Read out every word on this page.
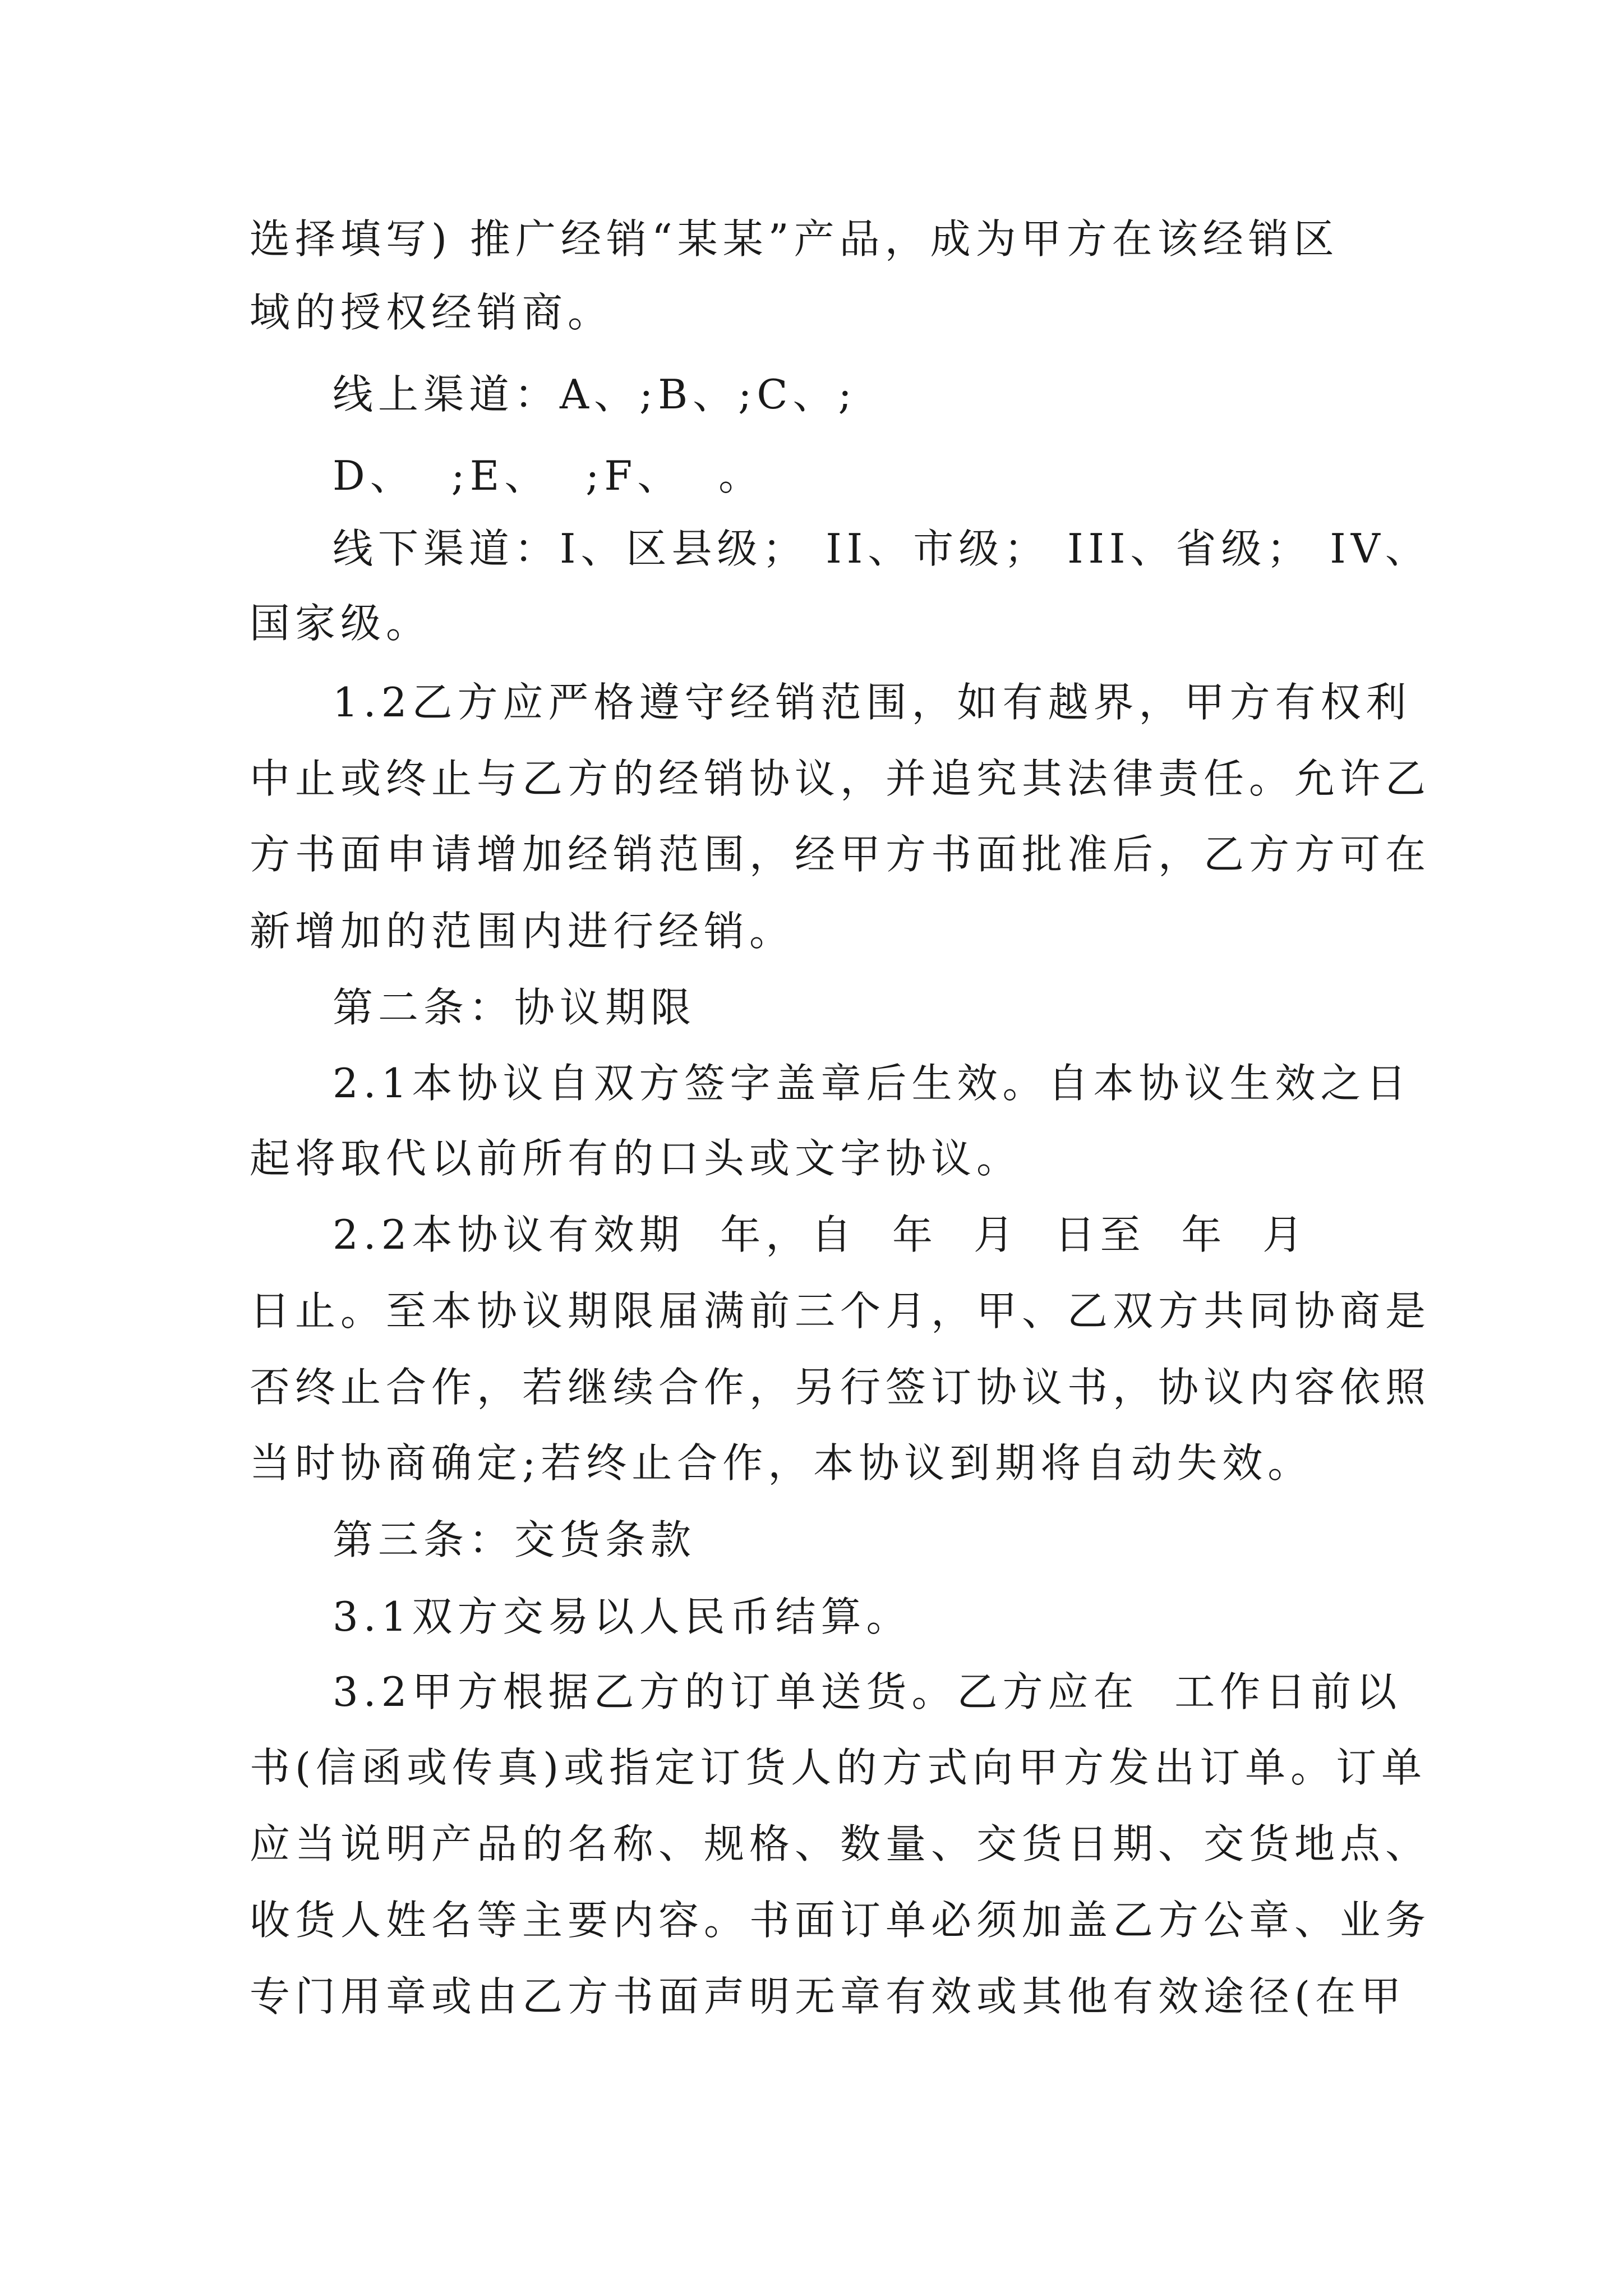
选择填写) 推广经销“某某”产品，成为甲方在该经销区
域的授权经销商。
线上渠道：A、;B、;C、;
D、  ;E、  ;F、  。
线下渠道：I、区县级； II、市级； III、省级； IV、
国家级。
1.2乙方应严格遵守经销范围，如有越界，甲方有权利
中止或终止与乙方的经销协议，并追究其法律责任。允许乙
方书面申请增加经销范围，经甲方书面批准后，乙方方可在
新增加的范围内进行经销。
第二条：协议期限
2.1本协议自双方签字盖章后生效。自本协议生效之日
起将取代以前所有的口头或文字协议。
2.2本协议有效期  年，自  年  月  日至  年  月
日止。至本协议期限届满前三个月，甲、乙双方共同协商是
否终止合作，若继续合作，另行签订协议书，协议内容依照
当时协商确定;若终止合作，本协议到期将自动失效。
第三条：交货条款
3.1双方交易以人民币结算。
3.2甲方根据乙方的订单送货。乙方应在  工作日前以
书(信函或传真)或指定订货人的方式向甲方发出订单。订单
应当说明产品的名称、规格、数量、交货日期、交货地点、
收货人姓名等主要内容。书面订单必须加盖乙方公章、业务
专门用章或由乙方书面声明无章有效或其他有效途径(在甲
